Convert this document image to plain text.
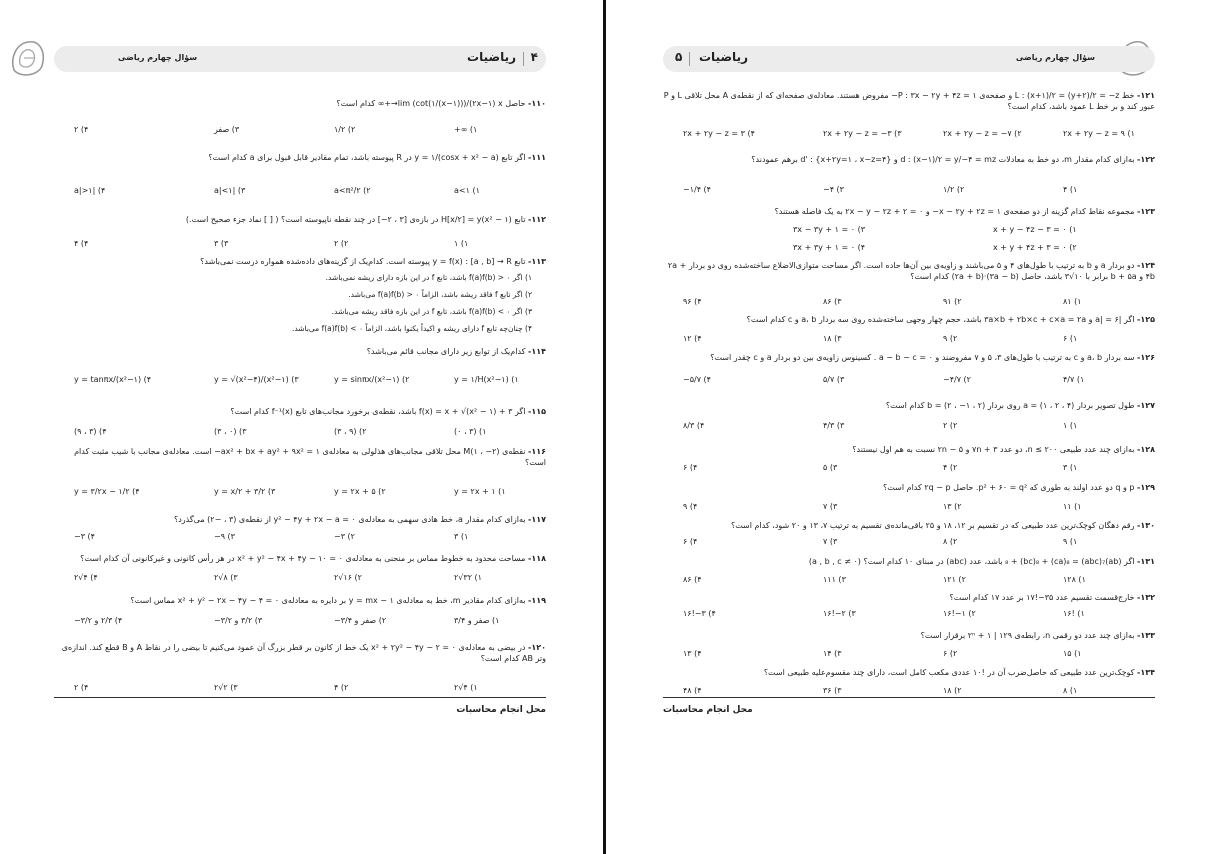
ریاضیات ۴
سؤال چهارم ریاضی
۱۱۰- حاصل lim (cot(۱/(x−۱)))/(۲x−۱) x→+∞ کدام است؟
۱) ∞+
۲) ۱/۲
۳) صفر
۴) ۲
۱۱۱- اگر تابع y = ۱/(cosx + x² − a) در R پیوسته باشد، تمام مقادیر قابل قبول برای a کدام است؟
۱) a<۱
۲) a<π²/۲
۳) |a|<۱
۴) |a|>۱
۱۱۲- تابع (۱ − x²)H[x/۲] = y در بازه‌ی [۳ ، ۲−] در چند نقطه ناپیوسته است؟ ( [ ] نماد جزء صحیح است.)
۱) ۱
۲) ۲
۳) ۳
۴) ۴
۱۱۳- تابع y = f(x) : [a , b] → R پیوسته است. کدام‌یک از گزینه‌های داده‌شده همواره درست نمی‌باشد؟
۱۱۴- کدام‌یک از توابع زیر دارای مجانب قائم می‌باشد؟
۱) y = ۱/H(x²−۱)
۲) y = sinπx/(x²−۱)
۳) y = √(x²−۴)/(x²−۱)
۴) y = tanπx/(x²−۱)
۱۱۵- اگر f(x) = x + √(x² − ۱) + ۳ باشد، نقطه‌ی برخورد مجانب‌های تابع f⁻¹(x) کدام است؟
۱) (۳ ، ۰)
۲) (۹ ، ۳)
۳) (۰ ، ۳)
۴) (۳ ، ۹)
۱۱۶- نقطه‌ی M(۱ ، −۲) محل تلاقی مجانب‌های هذلولی به معادله‌ی ax² + bx + ay² + ۹x² = ۱− است. معادله‌ی مجانب با شیب مثبت کدام است؟
۱) y = ۲x + ۱
۲) y = ۲x + ۵
۳) y = x/۲ + ۳/۲
۴) y = ۳/۲x − ۱/۲
۱۱۷- به‌ازای کدام مقدار a، خط هادی سهمی به معادله‌ی y² − ۴y + ۲x − a = ۰ از نقطه‌ی (۳ ، −۲) می‌گذرد؟
۱) ۳
۲) ۳−
۳) ۹−
۴) ۳−
۱۱۸- مساحت محدود به خطوط مماس بر منحنی به معادله‌ی x² + y² − ۴x + ۴y − ۱۰ = ۰ در هر رأس کانونی و غیرکانونی آن کدام است؟
۱) ۳۲√۲
۲) ۱۶√۲
۳) ۸√۲
۴) ۴√۲
۱۱۹- به‌ازای کدام مقادیر m، خط به معادله‌ی y = mx − ۱ بر دایره به معادله‌ی x² + y² − ۲x − ۴y − ۴ = ۰ مماس است؟
۱) صفر و ۳/۴
۲) صفر و ۳/۴−
۳) ۳/۲ و ۳/۲−
۴) ۲/۳ و ۳/۲−
۱۲۰- در بیضی به معادله‌ی x² + ۲y² − ۴y − ۲ = ۰ یک خط از کانون بر قطر بزرگ آن عمود می‌کنیم تا بیضی را در نقاط A و B قطع کند. اندازه‌ی وتر AB کدام است؟
۱) ۴√۲
۲) ۴
۳) ۲√۲
۴) ۲
۱) اگر f(a)f(b) > ۰ باشد، تابع f در این بازه دارای ریشه نمی‌باشد.
۲) اگر تابع f فاقد ریشه باشد، الزاماً f(a)f(b) > ۰ می‌باشد.
۳) اگر f(a)f(b) < ۰ باشد، تابع f در این بازه فاقد ریشه می‌باشد.
۴) چنان‌چه تابع f دارای ریشه و اکیداً یکنوا باشد، الزاماً f(a)f(b) < ۰ می‌باشد.
محل انجام محاسبات
ریاضیات
۵	سؤال چهارم ریاضی
۱۲۱- خط L : (x+۱)/۲ = (y+۲)/۲ = −z و صفحه‌ی P : ۳x − ۲y + ۴z = ۱− مفروض هستند. معادله‌ی صفحه‌ای که از نقطه‌ی A محل تلاقی L و P عبور کند و بر خط L عمود باشد، کدام است؟
۱) ۲x + ۲y − z = ۹
۲) ۲x + ۲y − z = −۷
۳) ۲x + ۲y − z = −۳
۴) ۲x + ۲y − z = ۳
۱۲۲- به‌ازای کدام مقدار m، دو خط به معادلات d : (x−۱)/۲ = y/−۴ = mz و d' : {x+۲y=۱ ، x−z=۴} برهم عمودند؟
۱) ۴
۲) ۱/۲
۳) ۴−
۴) ۱/۴−
۱۲۳- مجموعه نقاط کدام گزینه از دو صفحه‌ی x − ۲y + ۲z = ۱− و ۲x − y − ۲z + ۲ = ۰ به یک فاصله هستند؟
۱۲۴- دو بردار a و b به ترتیب با طول‌های ۴ و ۵ می‌باشند و زاویه‌ی بین آن‌ها حاده است. اگر مساحت متوازی‌الاضلاع ساخته‌شده روی دو بردار ۲a + ۴b و b + ۵a برابر با ۱۰√۳ باشد، حاصل (۳a − b)·(۲a + b) کدام است؟
۱) ۸۱
۲) ۹۱
۳) ۸۶
۴) ۹۶
۱۲۵- اگر |a| = ۶ و ۳a×b + ۲b×c + c×a = ۲a باشد، حجم چهار وجهی ساخته‌شده روی سه بردار a، b و c کدام است؟
۱) ۶
۲) ۹
۳) ۱۸
۴) ۱۲
۱۲۶- سه بردار a، b و c به ترتیب با طول‌های ۳، ۵ و ۷ مفروضند و a − b − c = ۰ . کسینوس زاویه‌ی بین دو بردار a و c چقدر است؟
۱) ۴/۷
۲) ۴/۷−
۳) ۵/۷
۴) ۵/۷−
۱۲۷- طول تصویر بردار (۴ ، ۲ ، ۱) = a روی بردار (۲ ، ۱− ، ۲) = b کدام است؟
۱) ۱
۲) ۲
۳) ۴/۳
۴) ۸/۳
۱۲۸- به‌ازای چند عدد طبیعی n ≤ ۲۰۰، دو عدد ۷n + ۳ و ۲n − ۵ نسبت به هم اول نیستند؟
۱) ۳
۲) ۴
۳) ۵
۴) ۶
۱۲۹- p و q دو عدد اولند به طوری که p² + ۶۰ = q². حاصل ۲q − p کدام است؟
۱) ۱۱
۲) ۱۳
۳) ۷
۴) ۹
۱۳۰- رقم دهگان کوچک‌ترین عدد طبیعی که در تقسیم بر ۱۲، ۱۸ و ۲۵ باقی‌مانده‌ی تقسیم به ترتیب ۷، ۱۳ و ۲۰ شود، کدام است؟
۱) ۹
۲) ۸
۳) ۷
۴) ۶
۱۳۱- اگر (ab)₈ + (bc)₈ + (ca)₈ = (abc)₇ باشد، عدد (abc) در مبنای ۱۰ کدام است؟ (a , b , c ≠ ۰)
۱) ۱۲۸
۲) ۱۲۱
۳) ۱۱۱
۴) ۸۶
۱۳۲- خارج‌قسمت تقسیم عدد ۳۵−!۱۷ بر عدد ۱۷ کدام است؟
۱) !۱۶
۲) ۱−!۱۶
۳) ۲−!۱۶
۴) ۳−!۱۶
۱۳۳- به‌ازای چند عدد دو رقمی n، رابطه‌ی ۱۲۹ | ۱ + ۲ⁿ برقرار است؟
۱) ۱۵
۲) ۶
۳) ۱۴
۴) ۱۳
۱۳۴- کوچک‌ترین عدد طبیعی که حاصل‌ضرب آن در !۱۰ عددی مکعب کامل است، دارای چند مقسوم‌علیه طبیعی است؟
۱) ۸
۲) ۱۸
۳) ۳۶
۴) ۴۸
۱) x + y − ۴z − ۳ = ۰
۲) x + y + ۴z + ۳ = ۰
۳) ۳x − ۳y + ۱ = ۰
۴) ۳x + ۳y + ۱ = ۰
محل انجام محاسبات
